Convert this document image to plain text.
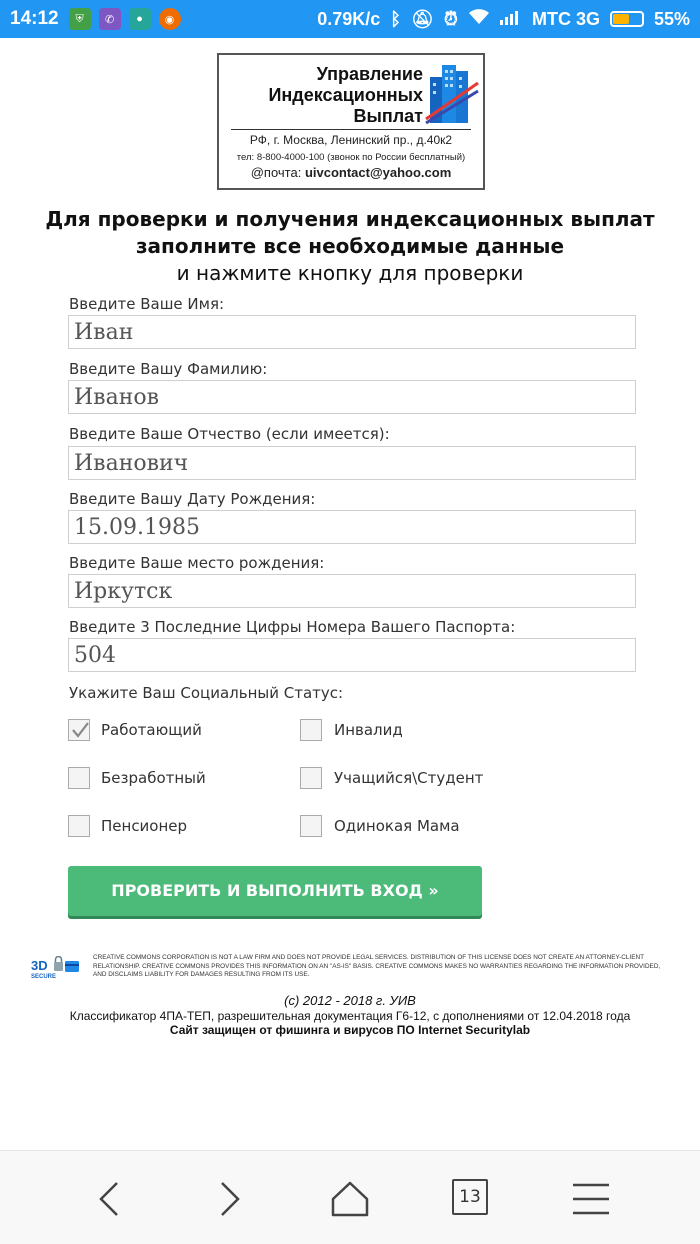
14:12	⛨	✆	●	◉	0.79K/c ᛒ 🔕︎ ⏰︎	МТС 3G	55%
Управление
Индексационных
Выплат
РФ, г. Москва, Ленинский пр., д.40к2
тел: 8-800-4000-100 (звонок по России бесплатный)
@почта: uivcontact@yahoo.com
Для проверки и получения индексационных выплат
заполните все необходимые данные
и нажмите кнопку для проверки
Введите Ваше Имя:
Иван
Введите Вашу Фамилию:
Иванов
Введите Ваше Отчество (если имеется):
Иванович
Введите Вашу Дату Рождения:
15.09.1985
Введите Ваше место рождения:
Иркутск
Введите 3 Последние Цифры Номера Вашего Паспорта:
504
Укажите Ваш Социальный Статус:
Работающий	Инвалид
Безработный	Учащийся\Студент
Пенсионер	Одинокая Мама
ПРОВЕРИТЬ И ВЫПОЛНИТЬ ВХОД »
3D
SECURE
CREATIVE COMMONS CORPORATION IS NOT A LAW FIRM AND DOES NOT PROVIDE LEGAL SERVICES. DISTRIBUTION OF THIS LICENSE DOES NOT CREATE AN ATTORNEY-CLIENT RELATIONSHIP. CREATIVE COMMONS PROVIDES THIS INFORMATION ON AN "AS-IS" BASIS. CREATIVE COMMONS MAKES NO WARRANTIES REGARDING THE INFORMATION PROVIDED, AND DISCLAIMS LIABILITY FOR DAMAGES RESULTING FROM ITS USE.
(c) 2012 - 2018 г. УИВ
Классификатор 4ПА-ТЕП, разрешительная документация Г6-12, с дополнениями от 12.04.2018 года
Сайт защищен от фишинга и вирусов ПО Internet Securitylab
13
